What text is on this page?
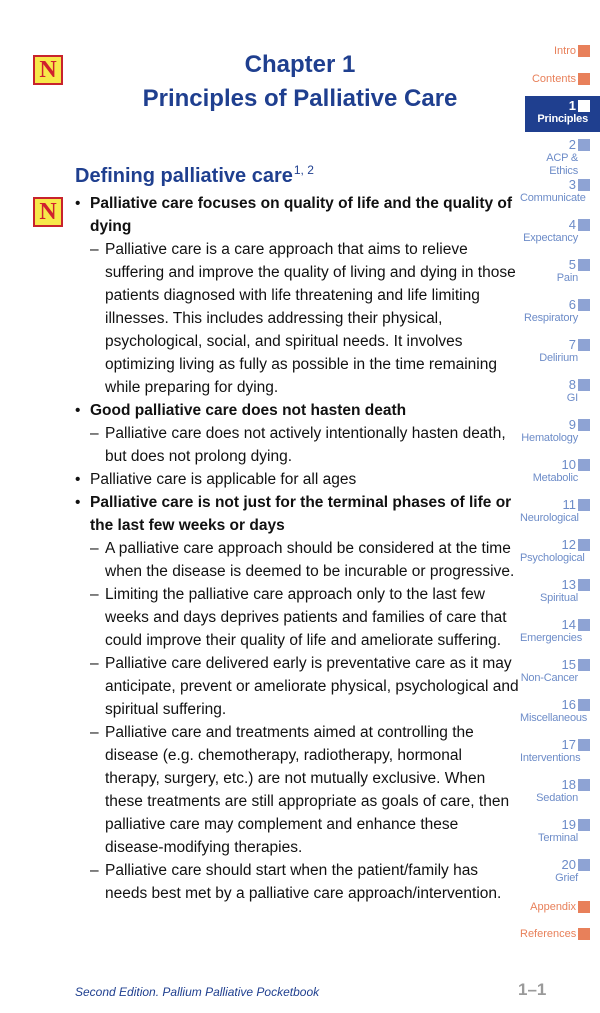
N
N
Chapter 1
Principles of Palliative Care
Defining palliative care$^{1, 2}$
• Palliative care focuses on quality of life and the quality of dying
– Palliative care is a care approach that aims to relieve suffering and improve the quality of living and dying in those patients diagnosed with life threatening and life limiting illnesses. This includes addressing their physical, psychological, social, and spiritual needs. It involves optimizing living as fully as possible in the time remaining while preparing for dying.
• Good palliative care does not hasten death
– Palliative care does not actively intentionally hasten death, but does not prolong dying.
• Palliative care is applicable for all ages
• Palliative care is not just for the terminal phases of life or the last few weeks or days
– A palliative care approach should be considered at the time when the disease is deemed to be incurable or progressive.
– Limiting the palliative care approach only to the last few weeks and days deprives patients and families of care that could improve their quality of life and ameliorate suffering.
– Palliative care delivered early is preventative care as it may anticipate, prevent or ameliorate physical, psychological and spiritual suffering.
– Palliative care and treatments aimed at controlling the disease (e.g. chemotherapy, radiotherapy, hormonal therapy, surgery, etc.) are not mutually exclusive. When these treatments are still appropriate as goals of care, then palliative care may complement and enhance these disease-modifying therapies.
– Palliative care should start when the patient/family has needs best met by a palliative care approach/intervention.
Intro
Contents
1
Principles
2
ACP & Ethics
3
Communicate
4
Expectancy
5
Pain
6
Respiratory
7
Delirium
8
GI
9
Hematology
10
Metabolic
11
Neurological
12
Psychological
13
Spiritual
14
Emergencies
15
Non-Cancer
16
Miscellaneous
17
Interventions
18
Sedation
19
Terminal
20
Grief
Appendix
References
Second Edition. Pallium Palliative Pocketbook	1–1
